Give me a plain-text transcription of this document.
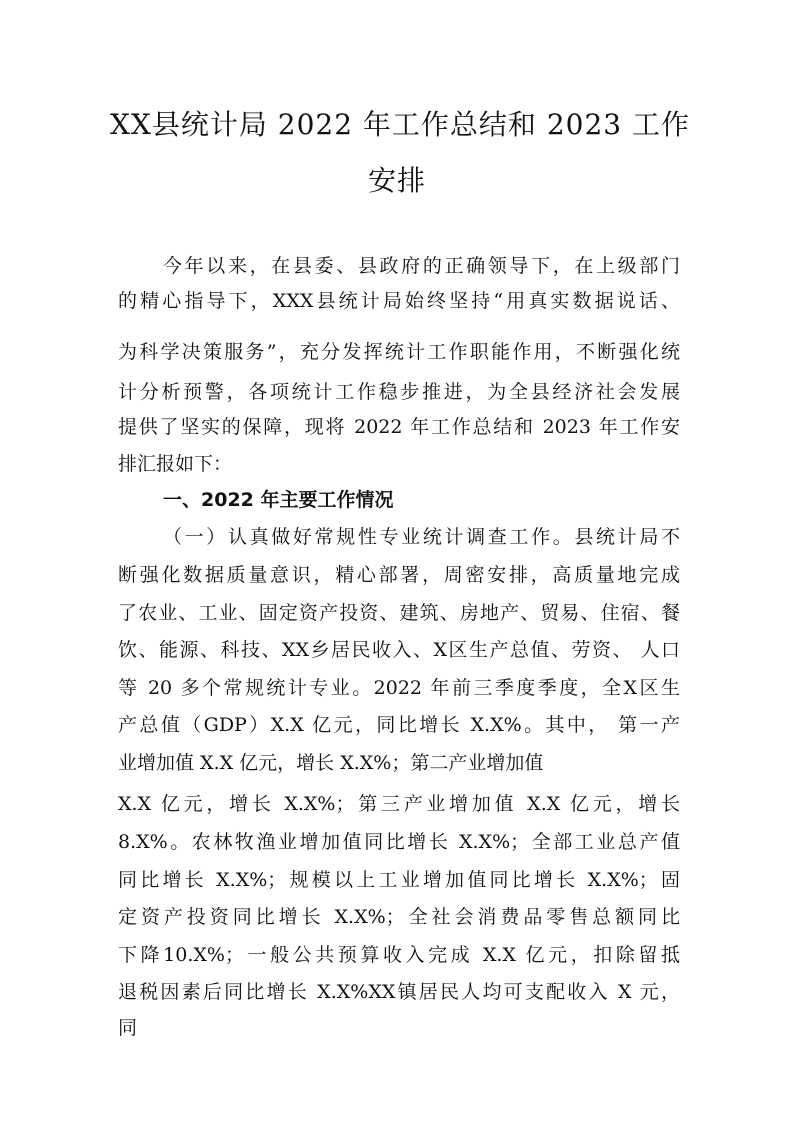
XX县统计局 2022 年工作总结和 2023 工作
安排
今年以来，在县委、县政府的正确领导下，在上级部门
的精心指导下，XXX县统计局始终坚持“用真实数据说话、
为科学决策服务”，充分发挥统计工作职能作用，不断强化统
计分析预警，各项统计工作稳步推进，为全县经济社会发展
提供了坚实的保障，现将 2022 年工作总结和 2023 年工作安
排汇报如下：
一、2022 年主要工作情况
（一）认真做好常规性专业统计调查工作。县统计局不
断强化数据质量意识，精心部署，周密安排，高质量地完成
了农业、工业、固定资产投资、建筑、房地产、贸易、住宿、餐
饮、能源、科技、XX乡居民收入、X区生产总值、劳资、 人口
等 20 多个常规统计专业。2022 年前三季度季度，全X区生
产总值（GDP）X.X 亿元，同比增长 X.X%。其中， 第一产
业增加值 X.X 亿元，增长 X.X%；第二产业增加值
X.X 亿元，增长 X.X%；第三产业增加值 X.X 亿元，增长
8.X%。农林牧渔业增加值同比增长 X.X%；全部工业总产值
同比增长 X.X%；规模以上工业增加值同比增长 X.X%；固
定资产投资同比增长 X.X%；全社会消费品零售总额同比
下降10.X%；一般公共预算收入完成 X.X 亿元，扣除留抵
退税因素后同比增长 X.X%XX镇居民人均可支配收入 X 元，
同
